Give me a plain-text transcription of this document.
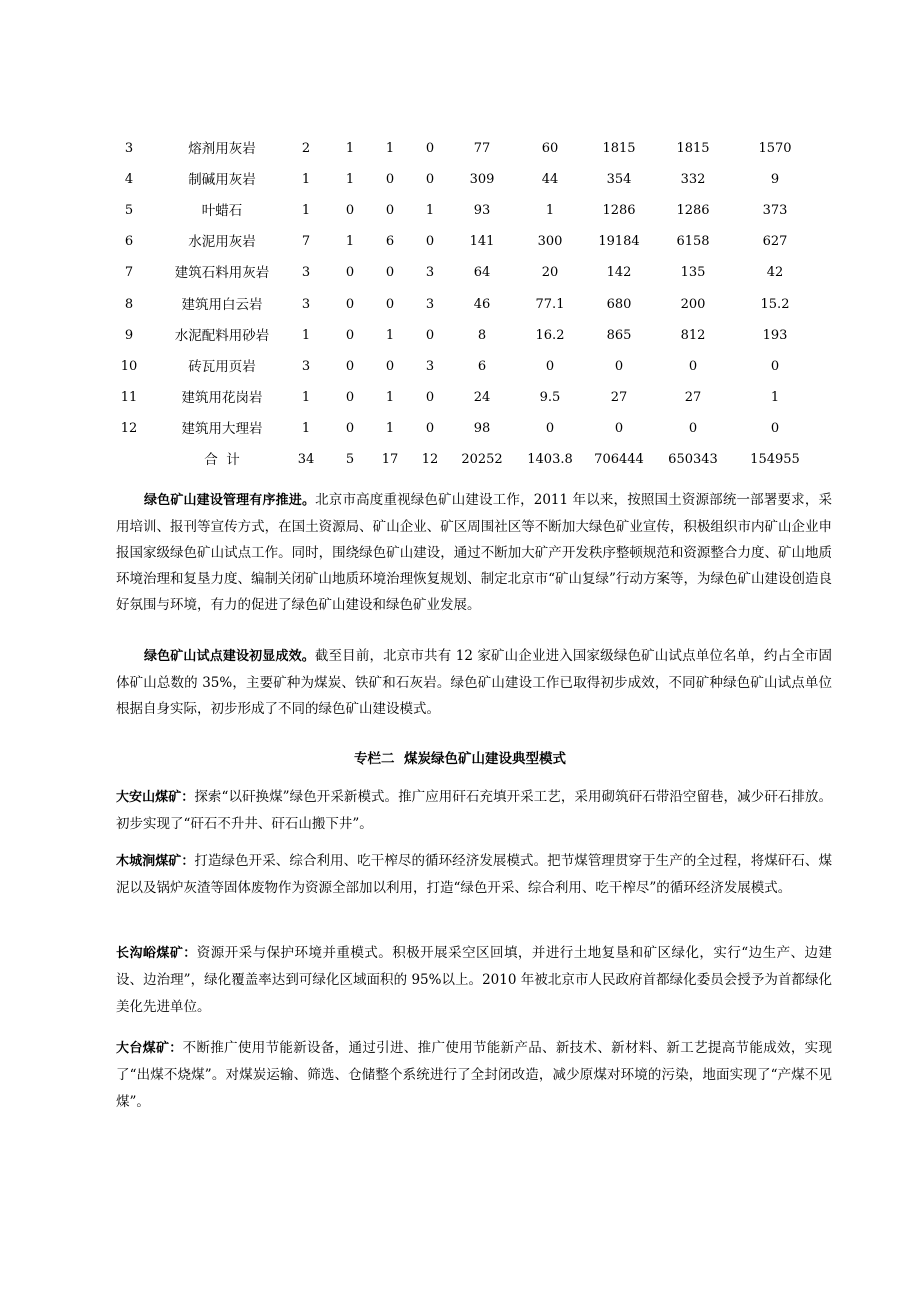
3	熔剂用灰岩	2	1	1	0	77	60	1815	1815	1570
4	制碱用灰岩	1	1	0	0	309	44	354	332	9
5	叶蜡石	1	0	0	1	93	1	1286	1286	373
6	水泥用灰岩	7	1	6	0	141	300	19184	6158	627
7	建筑石料用灰岩	3	0	0	3	64	20	142	135	42
8	建筑用白云岩	3	0	0	3	46	77.1	680	200	15.2
9	水泥配料用砂岩	1	0	1	0	8	16.2	865	812	193
10	砖瓦用页岩	3	0	0	3	6	0	0	0	0
11	建筑用花岗岩	1	0	1	0	24	9.5	27	27	1
12	建筑用大理岩	1	0	1	0	98	0	0	0	0
	合  计	34	5	17	12	20252	1403.8	706444	650343	154955

绿色矿山建设管理有序推进。北京市高度重视绿色矿山建设工作，2011 年以来，按照国土资源部统一部署要求，采用培训、报刊等宣传方式，在国土资源局、矿山企业、矿区周围社区等不断加大绿色矿业宣传，积极组织市内矿山企业申报国家级绿色矿山试点工作。同时，围绕绿色矿山建设，通过不断加大矿产开发秩序整顿规范和资源整合力度、矿山地质环境治理和复垦力度、编制关闭矿山地质环境治理恢复规划、制定北京市“矿山复绿”行动方案等，为绿色矿山建设创造良好氛围与环境，有力的促进了绿色矿山建设和绿色矿业发展。

绿色矿山试点建设初显成效。截至目前，北京市共有 12 家矿山企业进入国家级绿色矿山试点单位名单，约占全市固体矿山总数的 35%，主要矿种为煤炭、铁矿和石灰岩。绿色矿山建设工作已取得初步成效，不同矿种绿色矿山试点单位根据自身实际，初步形成了不同的绿色矿山建设模式。

专栏二  煤炭绿色矿山建设典型模式

大安山煤矿：探索“以矸换煤”绿色开采新模式。推广应用矸石充填开采工艺，采用砌筑矸石带沿空留巷，减少矸石排放。初步实现了“矸石不升井、矸石山搬下井”。

木城涧煤矿：打造绿色开采、综合利用、吃干榨尽的循环经济发展模式。把节煤管理贯穿于生产的全过程，将煤矸石、煤泥以及锅炉灰渣等固体废物作为资源全部加以利用，打造“绿色开采、综合利用、吃干榨尽”的循环经济发展模式。

长沟峪煤矿：资源开采与保护环境并重模式。积极开展采空区回填，并进行土地复垦和矿区绿化，实行“边生产、边建设、边治理”，绿化覆盖率达到可绿化区域面积的 95%以上。2010 年被北京市人民政府首都绿化委员会授予为首都绿化美化先进单位。

大台煤矿：不断推广使用节能新设备，通过引进、推广使用节能新产品、新技术、新材料、新工艺提高节能成效，实现了“出煤不烧煤”。对煤炭运输、筛选、仓储整个系统进行了全封闭改造，减少原煤对环境的污染，地面实现了“产煤不见煤”。
